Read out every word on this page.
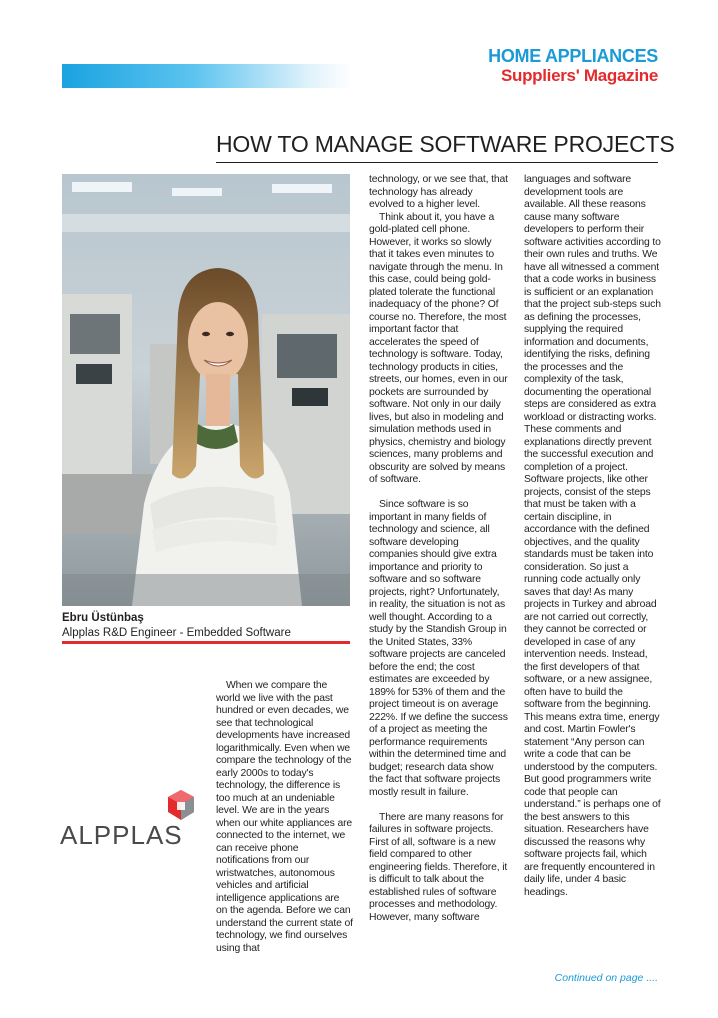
HOME APPLIANCES
Suppliers' Magazine
HOW TO MANAGE SOFTWARE PROJECTS
Ebru Üstünbaş
Alpplas R&D Engineer - Embedded Software

When we compare the world we live with the past hundred or even decades, we see that technological developments have increased logarithmically. Even when we compare the technology of the early 2000s to today's technology, the difference is too much at an undeniable level. We are in the years when our white appliances are connected to the internet, we can receive phone notifications from our wristwatches, autonomous vehicles and artificial intelligence applications are on the agenda. Before we can understand the current state of technology, we find ourselves using that

technology, or we see that, that technology has already evolved to a higher level.

Think about it, you have a gold-plated cell phone. However, it works so slowly that it takes even minutes to navigate through the menu. In this case, could being gold-plated tolerate the functional inadequacy of the phone? Of course no. Therefore, the most important factor that accelerates the speed of technology is software. Today, technology products in cities, streets, our homes, even in our pockets are surrounded by software. Not only in our daily lives, but also in modeling and simulation methods used in physics, chemistry and biology sciences, many problems and obscurity are solved by means of software.

Since software is so important in many fields of technology and science, all software developing companies should give extra importance and priority to software and so software projects, right? Unfortunately, in reality, the situation is not as well thought. According to a study by the Standish Group in the United States, 33% software projects are canceled before the end; the cost estimates are exceeded by 189% for 53% of them and the project timeout is on average 222%. If we define the success of a project as meeting the performance requirements within the determined time and budget; research data show the fact that software projects mostly result in failure.

There are many reasons for failures in software projects. First of all, software is a new field compared to other engineering fields. Therefore, it is difficult to talk about the established rules of software processes and methodology. However, many software

languages and software development tools are available. All these reasons cause many software developers to perform their software activities according to their own rules and truths. We have all witnessed a comment that a code works in business is sufficient or an explanation that the project sub-steps such as defining the processes, supplying the required information and documents, identifying the risks, defining the processes and the complexity of the task, documenting the operational steps are considered as extra workload or distracting works. These comments and explanations directly prevent the successful execution and completion of a project. Software projects, like other projects, consist of the steps that must be taken with a certain discipline, in accordance with the defined objectives, and the quality standards must be taken into consideration. So just a running code actually only saves that day! As many projects in Turkey and abroad are not carried out correctly, they cannot be corrected or developed in case of any intervention needs. Instead, the first developers of that software, or a new assignee, often have to build the software from the beginning. This means extra time, energy and cost. Martin Fowler's statement “Any person can write a code that can be understood by the computers. But good programmers write code that people can understand.” is perhaps one of the best answers to this situation. Researchers have discussed the reasons why software projects fail, which are frequently encountered in daily life, under 4 basic headings.

ALPPLAS
Continued on page ....
